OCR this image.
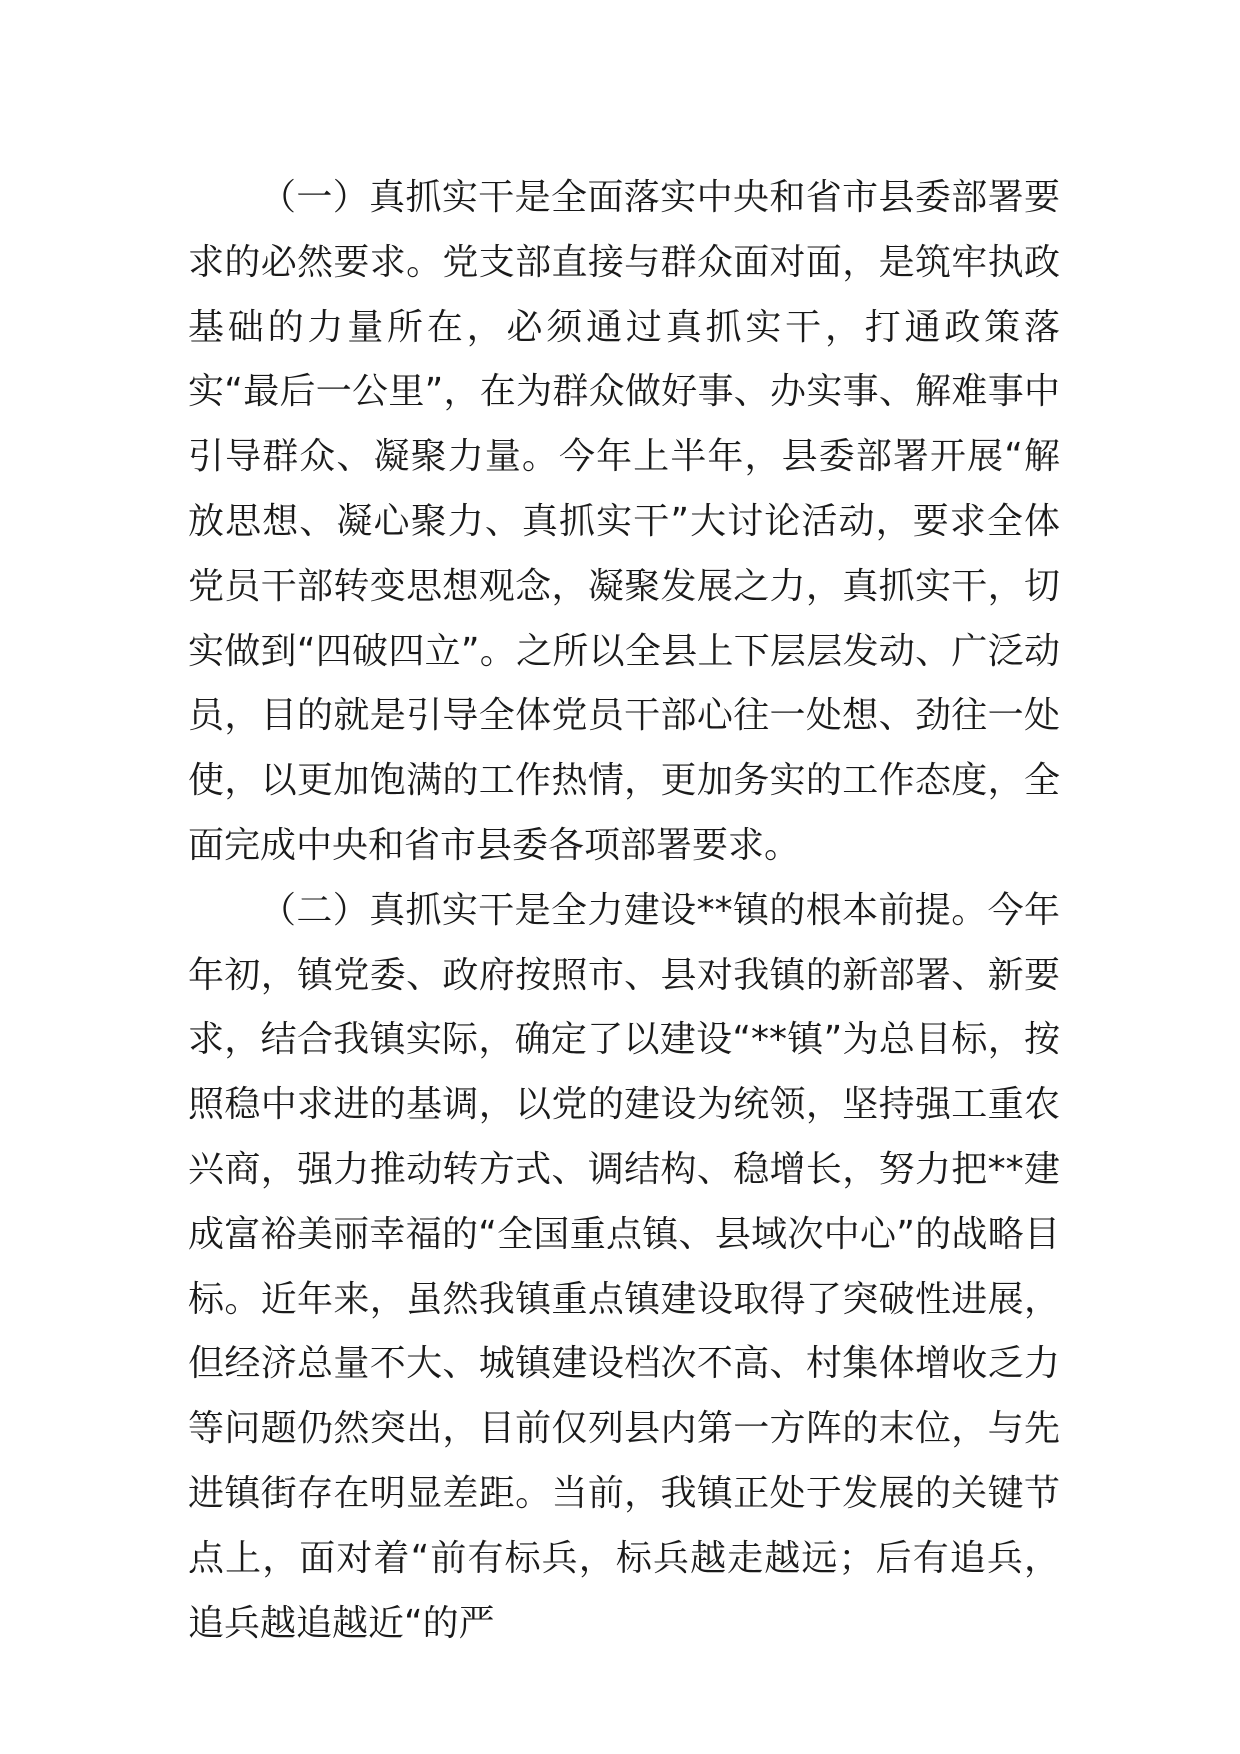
（一）真抓实干是全面落实中央和省市县委部署要求的必然要求。党支部直接与群众面对面，是筑牢执政基础的力量所在，必须通过真抓实干，打通政策落实“最后一公里”，在为群众做好事、办实事、解难事中引导群众、凝聚力量。今年上半年，县委部署开展“解放思想、凝心聚力、真抓实干”大讨论活动，要求全体党员干部转变思想观念，凝聚发展之力，真抓实干，切实做到“四破四立”。之所以全县上下层层发动、广泛动员，目的就是引导全体党员干部心往一处想、劲往一处使，以更加饱满的工作热情，更加务实的工作态度，全面完成中央和省市县委各项部署要求。

（二）真抓实干是全力建设**镇的根本前提。今年年初，镇党委、政府按照市、县对我镇的新部署、新要求，结合我镇实际，确定了以建设“**镇”为总目标，按照稳中求进的基调，以党的建设为统领，坚持强工重农兴商，强力推动转方式、调结构、稳增长，努力把**建成富裕美丽幸福的“全国重点镇、县域次中心”的战略目标。近年来，虽然我镇重点镇建设取得了突破性进展，但经济总量不大、城镇建设档次不高、村集体增收乏力等问题仍然突出，目前仅列县内第一方阵的末位，与先进镇街存在明显差距。当前，我镇正处于发展的关键节点上，面对着“前有标兵，标兵越走越远；后有追兵，追兵越追越近“的严
